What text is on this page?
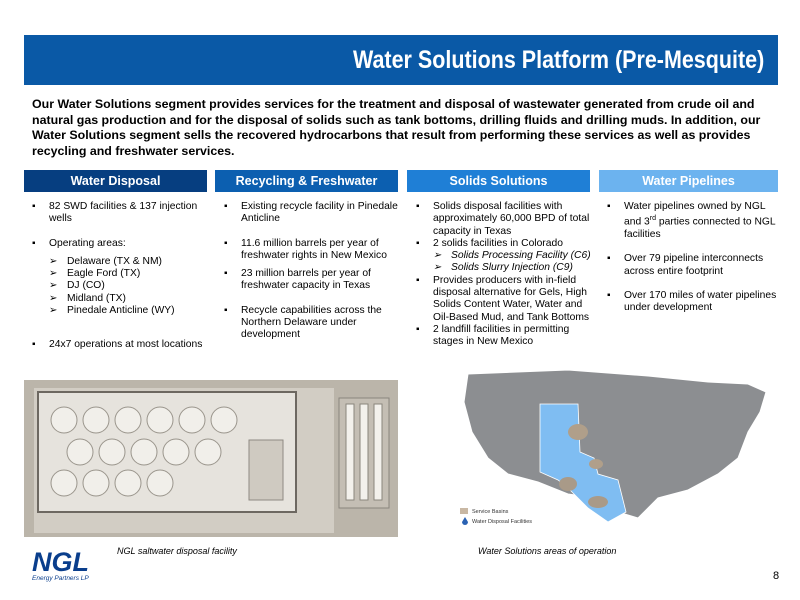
Water Solutions Platform (Pre-Mesquite)

Our Water Solutions segment provides services for the treatment and disposal of wastewater generated from crude oil and natural gas production and for the disposal of solids such as tank bottoms, drilling fluids and drilling muds. In addition, our Water Solutions segment sells the recovered hydrocarbons that result from performing these services as well as provides recycling and freshwater services.

Water Disposal	Recycling & Freshwater	Solids Solutions	Water Pipelines
▪ 82 SWD facilities & 137 injection wells
▪ Operating areas:
➢ Delaware (TX & NM)
➢ Eagle Ford (TX)
➢ DJ (CO)
➢ Midland (TX)
➢ Pinedale Anticline (WY)
▪ 24x7 operations at most locations
▪ Existing recycle facility in Pinedale Anticline
▪ 11.6 million barrels per year of freshwater rights in New Mexico
▪ 23 million barrels per year of freshwater capacity in Texas
▪ Recycle capabilities across the Northern Delaware under development
▪ Solids disposal facilities with approximately 60,000 BPD of total capacity in Texas
▪ 2 solids facilities in Colorado
➢ Solids Processing Facility (C6)
➢ Solids Slurry Injection (C9)
▪ Provides producers with in-field disposal alternative for Gels, High Solids Content Water, Water and Oil-Based Mud, and Tank Bottoms
▪ 2 landfill facilities in permitting stages in New Mexico
▪ Water pipelines owned by NGL and 3rd parties connected to NGL facilities
▪ Over 79 pipeline interconnects across entire footprint
▪ Over 170 miles of water pipelines under development
Service Basins
Water Disposal Facilities
NGL saltwater disposal facility	Water Solutions areas of operation
NGL
Energy Partners LP	8
